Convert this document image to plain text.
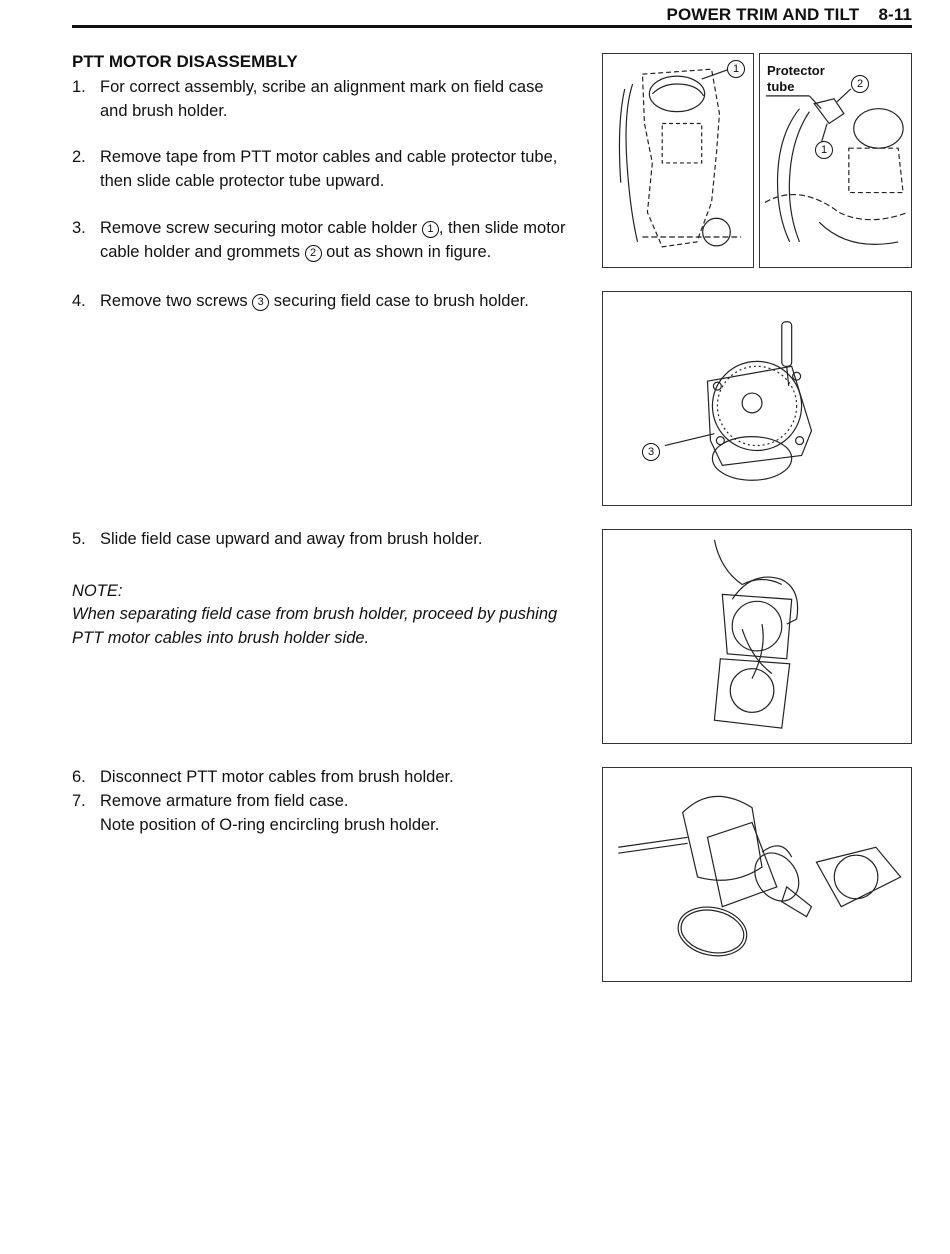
POWER TRIM AND TILT 8-11
PTT MOTOR DISASSEMBLY
1. For correct assembly, scribe an alignment mark on field case and brush holder.
2. Remove tape from PTT motor cables and cable protector tube, then slide cable protector tube upward.
3. Remove screw securing motor cable holder 1 , then slide motor cable holder and grommets 2 out as shown in figure.
4. Remove two screws 3 securing field case to brush holder.
5. Slide field case upward and away from brush holder.
NOTE:
When separating field case from brush holder, proceed by pushing PTT motor cables into brush holder side.
6. Disconnect PTT motor cables from brush holder.
7. Remove armature from field case.
Note position of O-ring encircling brush holder.
1	Protector
tube	2
1
3
